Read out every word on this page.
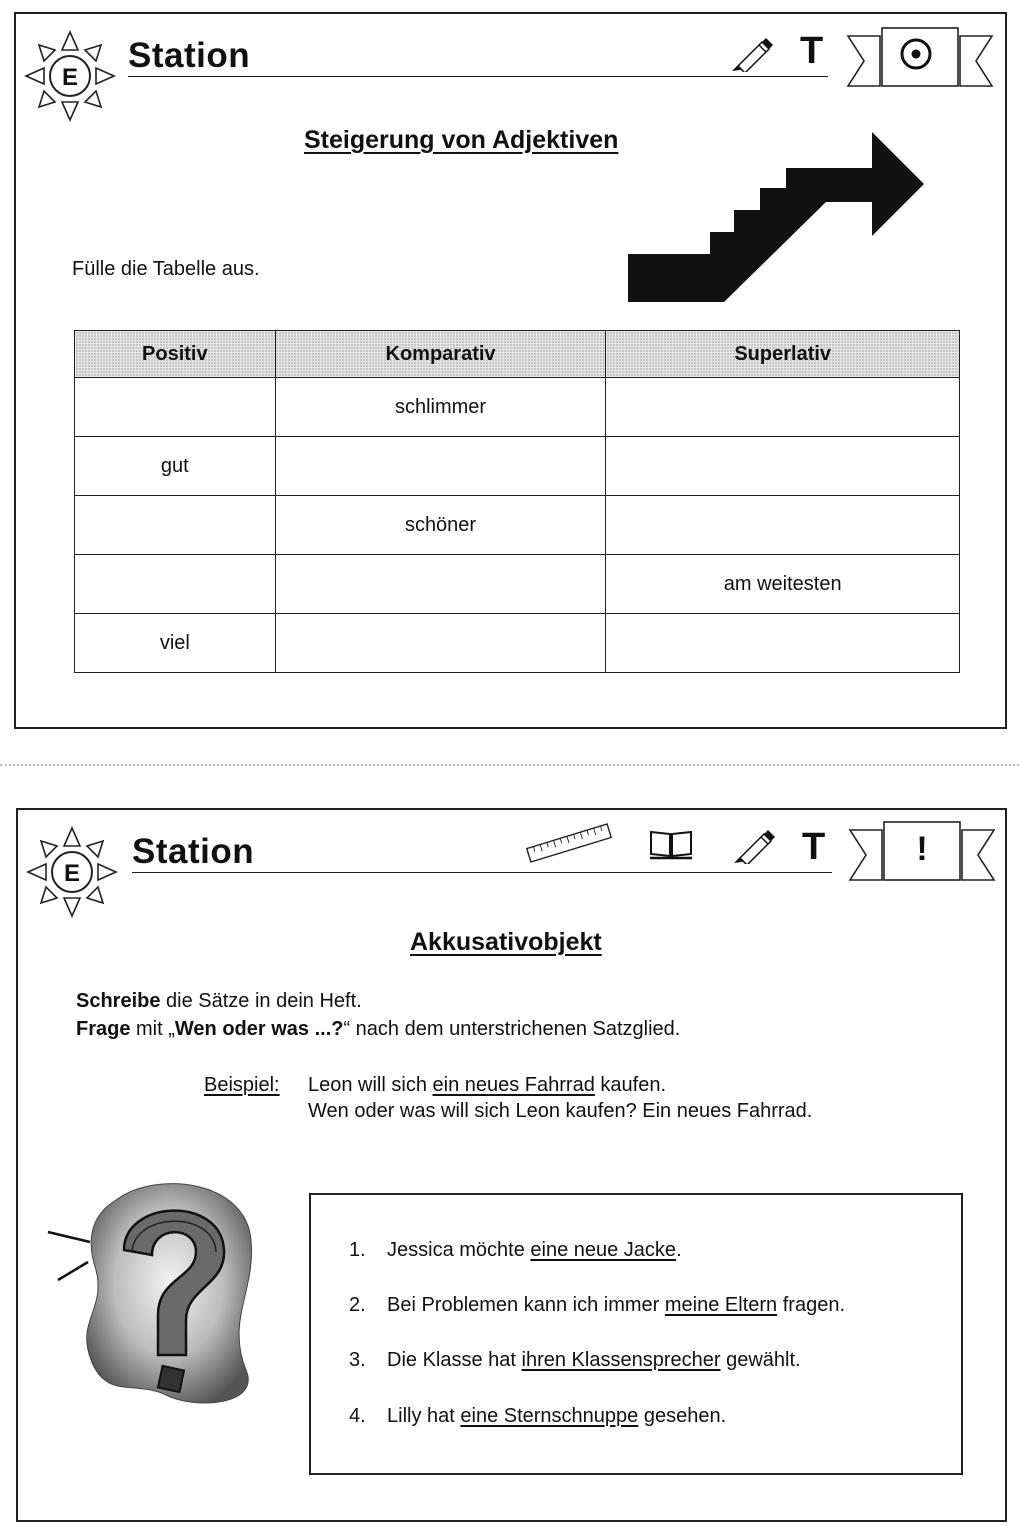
E
Station	T
Steigerung von Adjektiven
Fülle die Tabelle aus.
Positiv	Komparativ	Superlativ
	schlimmer	
gut		
	schöner	
		am weitesten
viel		
E
Station	T	!
Akkusativobjekt
Schreibe die Sätze in dein Heft.
Frage mit „Wen oder was ...?“ nach dem unterstrichenen Satzglied.
Beispiel: Leon will sich ein neues Fahrrad kaufen.
Wen oder was will sich Leon kaufen? Ein neues Fahrrad.
1. Jessica möchte eine neue Jacke.
2. Bei Problemen kann ich immer meine Eltern fragen.
3. Die Klasse hat ihren Klassensprecher gewählt.
4. Lilly hat eine Sternschnuppe gesehen.
